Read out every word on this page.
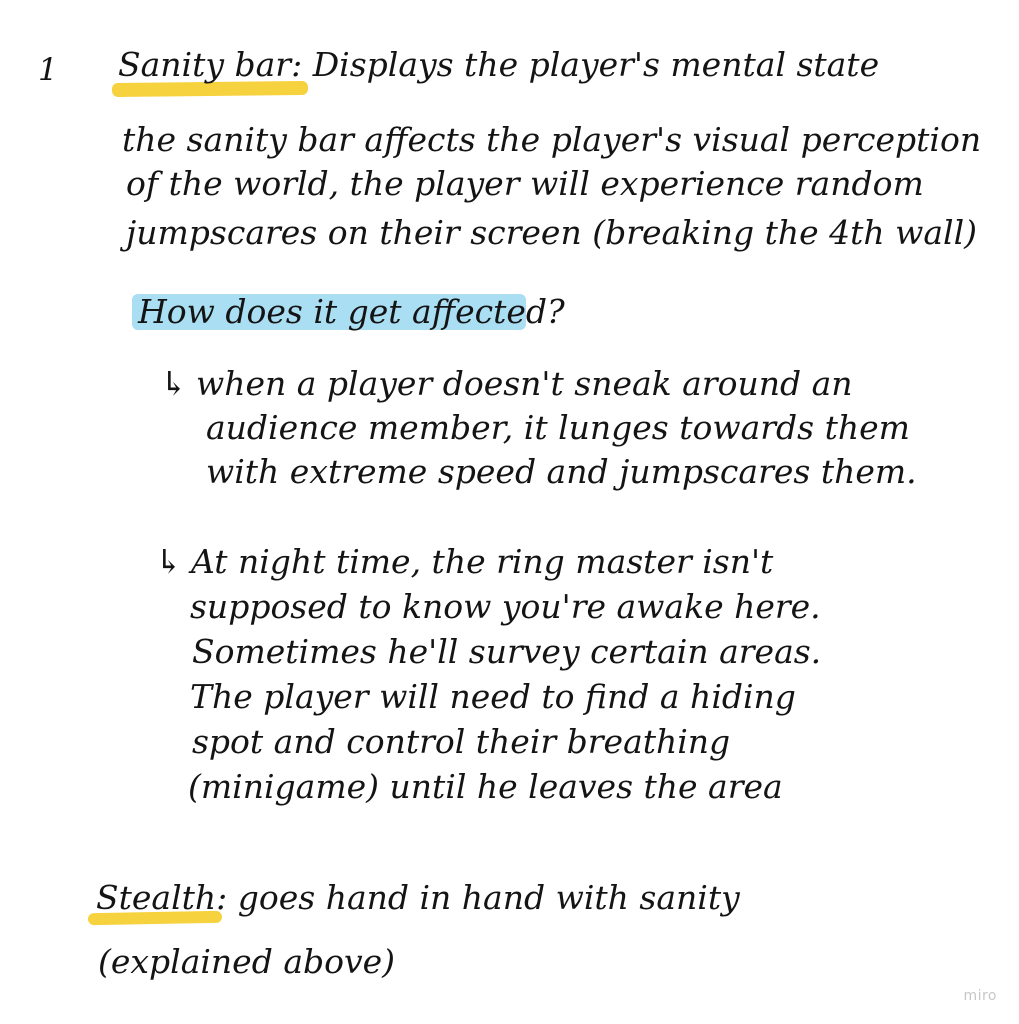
1 Sanity bar: Displays the player's mental state
the sanity bar affects the player's visual perception
of the world, the player will experience random
jumpscares on their screen (breaking the 4th wall)
How does it get affected?
↳ when a player doesn't sneak around an
audience member, it lunges towards them
with extreme speed and jumpscares them.
↳ At night time, the ring master isn't
supposed to know you're awake here.
Sometimes he'll survey certain areas.
The player will need to find a hiding
spot and control their breathing
(minigame) until he leaves the area
Stealth: goes hand in hand with sanity
(explained above)
miro
